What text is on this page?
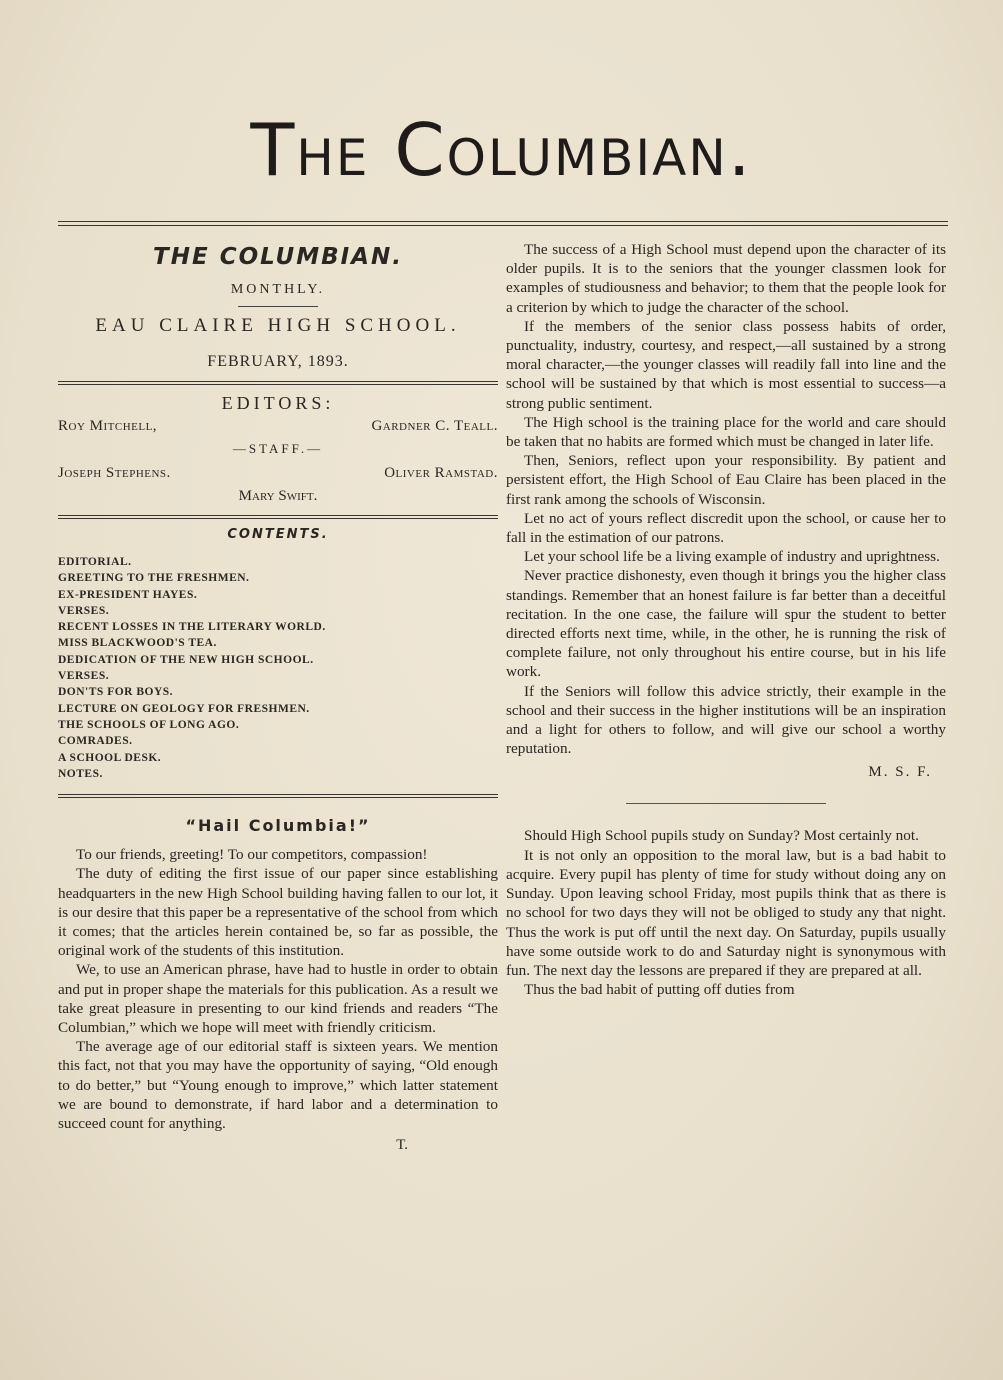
The Columbian.
THE COLUMBIAN.
MONTHLY.
EAU CLAIRE HIGH SCHOOL.
FEBRUARY, 1893.
EDITORS:
Roy Mitchell,	Gardner C. Teall.
—STAFF.—
Joseph Stephens.	Oliver Ramstad.
Mary Swift.
CONTENTS.
EDITORIAL.
GREETING TO THE FRESHMEN.
EX-PRESIDENT HAYES.
VERSES.
RECENT LOSSES IN THE LITERARY WORLD.
MISS BLACKWOOD'S TEA.
DEDICATION OF THE NEW HIGH SCHOOL.
VERSES.
DON'TS FOR BOYS.
LECTURE ON GEOLOGY FOR FRESHMEN.
THE SCHOOLS OF LONG AGO.
COMRADES.
A SCHOOL DESK.
NOTES.
“Hail Columbia!”

To our friends, greeting! To our competitors, compassion!

The duty of editing the first issue of our paper since establishing headquarters in the new High School building having fallen to our lot, it is our desire that this paper be a representative of the school from which it comes; that the articles herein contained be, so far as possible, the original work of the students of this institution.

We, to use an American phrase, have had to hustle in order to obtain and put in proper shape the materials for this publication. As a result we take great pleasure in presenting to our kind friends and readers “The Columbian,” which we hope will meet with friendly criticism.

The average age of our editorial staff is sixteen years. We mention this fact, not that you may have the opportunity of saying, “Old enough to do better,” but “Young enough to improve,” which latter statement we are bound to demonstrate, if hard labor and a determination to succeed count for anything.

T.

The success of a High School must depend upon the character of its older pupils. It is to the seniors that the younger classmen look for examples of studiousness and behavior; to them that the people look for a criterion by which to judge the character of the school.

If the members of the senior class possess habits of order, punctuality, industry, courtesy, and respect,—all sustained by a strong moral character,—the younger classes will readily fall into line and the school will be sustained by that which is most essential to success—a strong public sentiment.

The High school is the training place for the world and care should be taken that no habits are formed which must be changed in later life.

Then, Seniors, reflect upon your responsibility. By patient and persistent effort, the High School of Eau Claire has been placed in the first rank among the schools of Wisconsin.

Let no act of yours reflect discredit upon the school, or cause her to fall in the estimation of our patrons.

Let your school life be a living example of industry and uprightness.

Never practice dishonesty, even though it brings you the higher class standings. Remember that an honest failure is far better than a deceitful recitation. In the one case, the failure will spur the student to better directed efforts next time, while, in the other, he is running the risk of complete failure, not only throughout his entire course, but in his life work.

If the Seniors will follow this advice strictly, their example in the school and their success in the higher institutions will be an inspiration and a light for others to follow, and will give our school a worthy reputation.

M. S. F.

Should High School pupils study on Sunday? Most certainly not.

It is not only an opposition to the moral law, but is a bad habit to acquire. Every pupil has plenty of time for study without doing any on Sunday. Upon leaving school Friday, most pupils think that as there is no school for two days they will not be obliged to study any that night. Thus the work is put off until the next day. On Saturday, pupils usually have some outside work to do and Saturday night is synonymous with fun. The next day the lessons are prepared if they are prepared at all.

Thus the bad habit of putting off duties from
